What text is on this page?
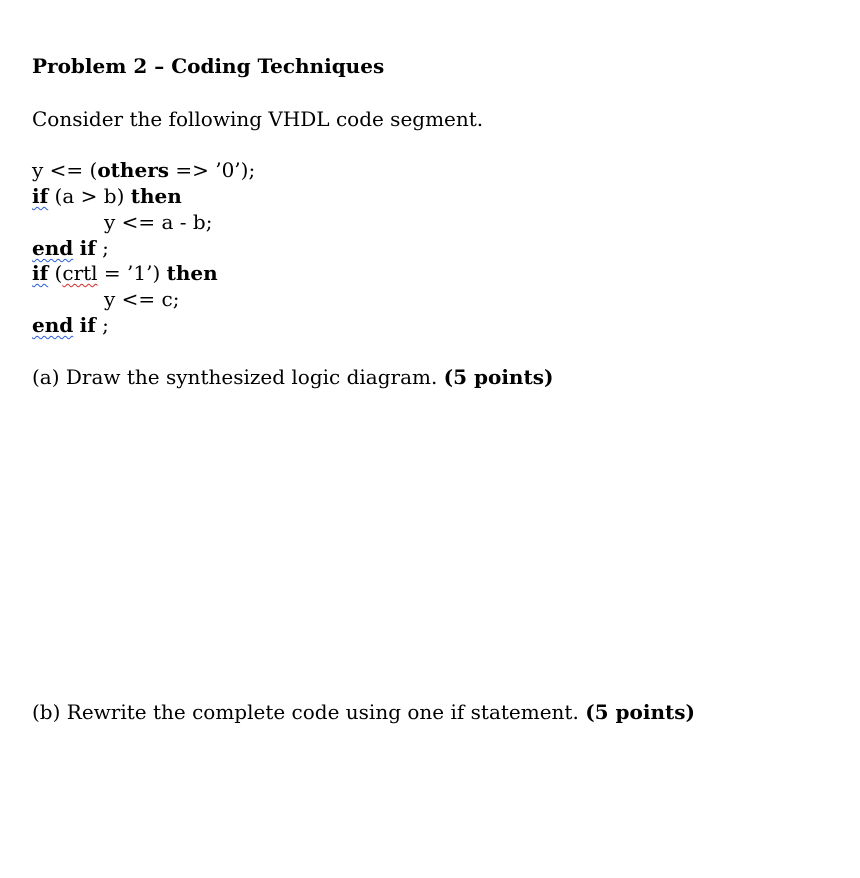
Problem 2 – Coding Techniques
Consider the following VHDL code segment.
y <= (others => ’0’);
if (a > b) then
y <= a - b;
end if ;
if (crtl = ’1’) then
y <= c;
end if ;
(a) Draw the synthesized logic diagram. (5 points)
(b) Rewrite the complete code using one if statement. (5 points)
